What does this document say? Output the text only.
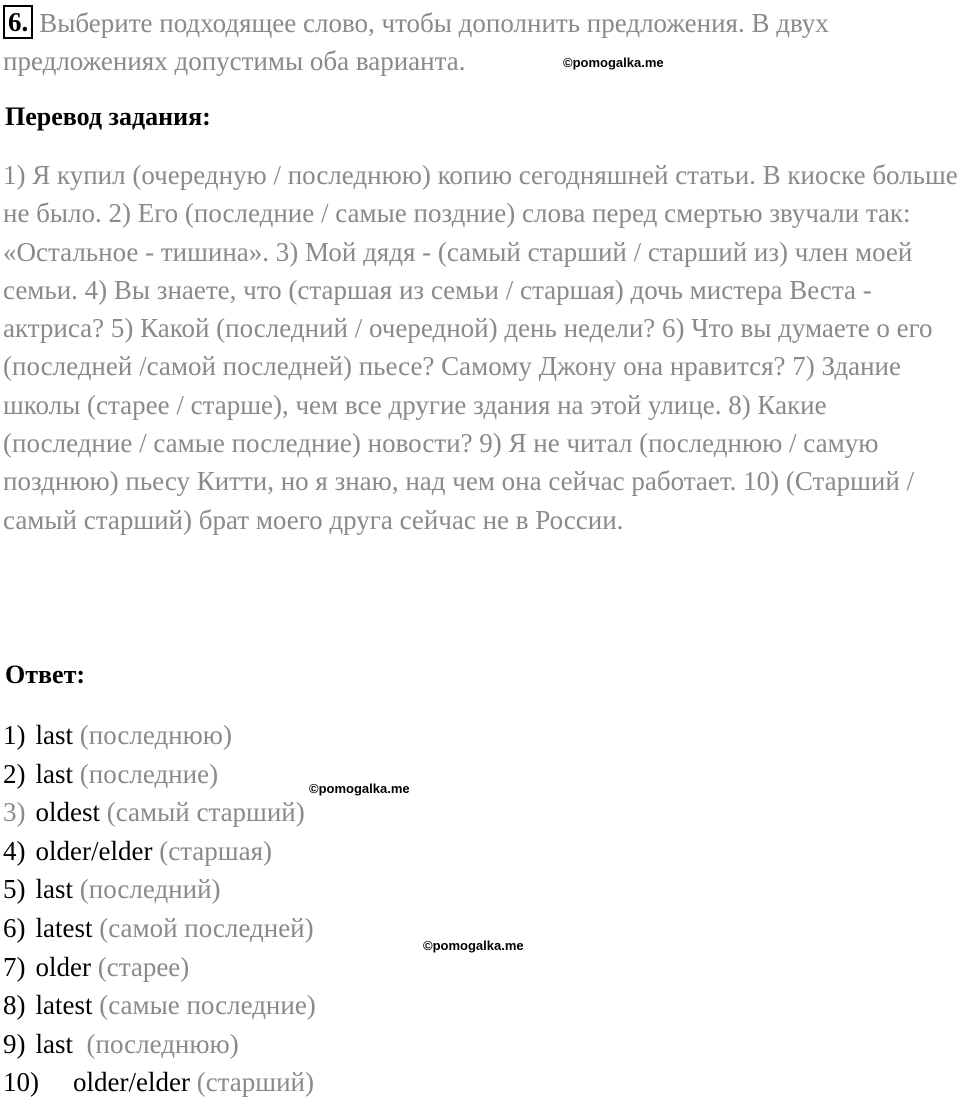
6. Выберите подходящее слово, чтобы дополнить предложения. В двух предложениях допустимы оба варианта.	©pomogalka.me
Перевод задания:

1) Я купил (очередную / последнюю) копию сегодняшней статьи. В киоске больше не было. 2) Его (последние / самые поздние) слова перед смертью звучали так: «Остальное - тишина». 3) Мой дядя - (самый старший / старший из) член моей семьи. 4) Вы знаете, что (старшая из семьи / старшая) дочь мистера Веста - актриса? 5) Какой (последний / очередной) день недели? 6) Что вы думаете о его (последней /самой последней) пьесе? Самому Джону она нравится? 7) Здание школы (старее / старше), чем все другие здания на этой улице. 8) Какие (последние / самые последние) новости? 9) Я не читал (последнюю / самую позднюю) пьесу Китти, но я знаю, над чем она сейчас работает. 10) (Старший / самый старший) брат моего друга сейчас не в России.

Ответ:
1) last (последнюю)
2) last (последние)
3) oldest (самый старший)
4) older/elder (старшая)
5) last (последний)
6) latest (самой последней)
7) older (старее)
8) latest (самые последние)
9) last  (последнюю)
10) older/elder (старший)
©pomogalka.me
©pomogalka.me
